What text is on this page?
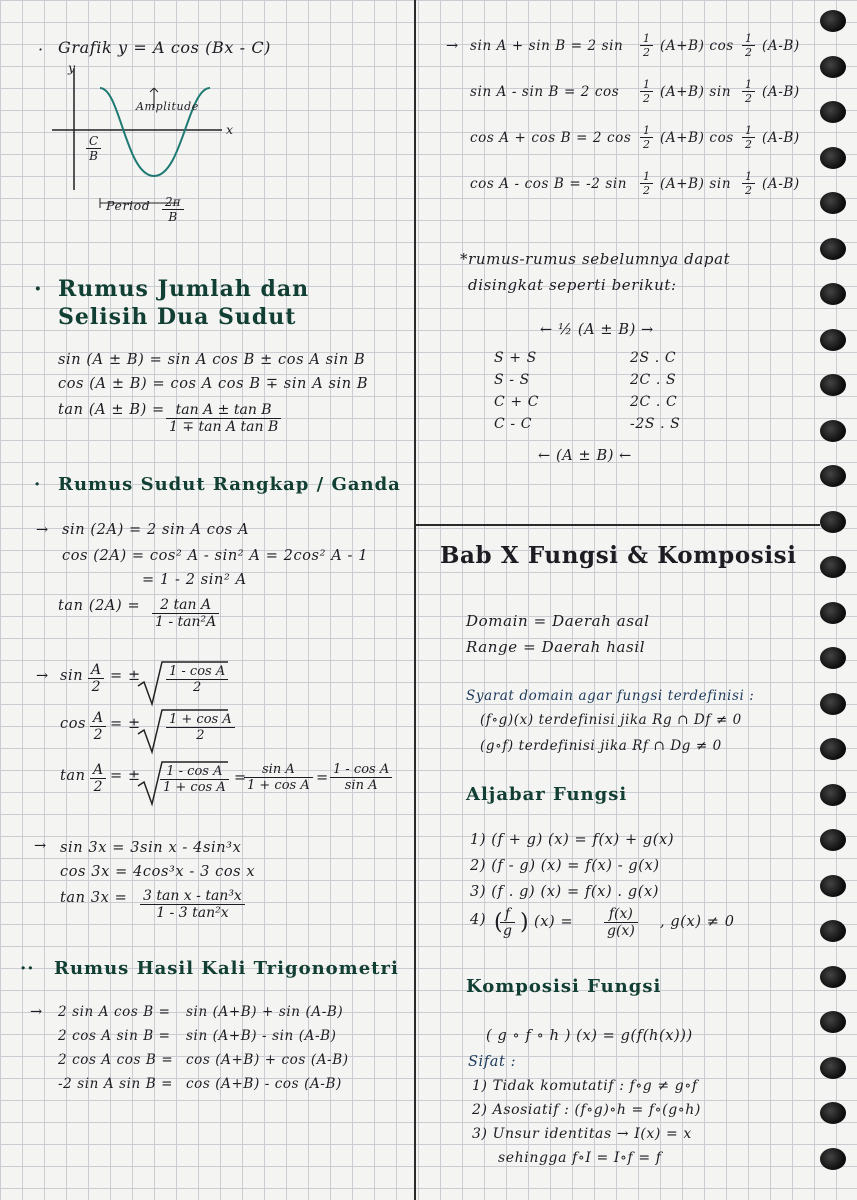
· Grafik y = A cos (Bx - C)
y
x
Amplitude
$\frac{C}{B}$
Period $\frac{2\pi}{B}$
· Rumus Jumlah dan
Selisih Dua Sudut
sin (A ± B) = sin A cos B ± cos A sin B
cos (A ± B) = cos A cos B ∓ sin A sin B
$\tan (A \pm B) = \frac{\text{tan A ± tan B}}{\text{1 ∓ tan A tan B}}$
· Rumus Sudut Rangkap / Ganda
→ sin (2A) = 2 sin A cos A
cos (2A) = cos² A - sin² A = 2cos² A - 1
= 1 - 2 sin² A
$\tan (2A) = \frac{\text{2 tan A}}{\text{1 - tan²A}}$
→ $\sin \frac{A}{2}$ = ± $\frac{\text{1 - cos A}}{2}$
$\cos \frac{A}{2}$ = ± $\frac{\text{1 + cos A}}{2}$
$\tan \frac{A}{2}$ = ± $\frac{\text{1 - cos A}}{\text{1 + cos A}}$ =
$\frac{\text{sin A}}{\text{1 + cos A}} = \frac{\text{1 - cos A}}{\text{sin A}}$
→ sin 3x = 3sin x - 4sin³x
cos 3x = 4cos³x - 3 cos x
$\tan 3x = \frac{\text{3 tan x - tan³x}}{\text{1 - 3 tan²x}}$
·· Rumus Hasil Kali Trigonometri
→ 2 sin A cos B = sin (A+B) + sin (A-B)
2 cos A sin B = sin (A+B) - sin (A-B)
2 cos A cos B = cos (A+B) + cos (A-B)
-2 sin A sin B = cos (A+B) - cos (A-B)
sin A + sin B = 2 $\sin \frac{1}{2} (A+B)$ $\cos \frac{1}{2} (A-B)$
sin A - sin B = 2 $\cos \frac{1}{2} (A+B)$ $\sin \frac{1}{2} (A-B)$
cos A + cos B = 2 $\cos \frac{1}{2} (A+B)$ $\cos \frac{1}{2} (A-B)$
cos A - cos B = -2 $\sin \frac{1}{2} (A+B)$ $\sin \frac{1}{2} (A-B)$
→
*rumus-rumus sebelumnya dapat
disingkat seperti berikut:
← ½ (A ± B) →
S + S	2S . C
S - S	2C . S
C + C	2C . C
C - C	-2S . S
← (A ± B) ←
Bab X Fungsi & Komposisi
Domain = Daerah asal
Range = Daerah hasil
Syarat domain agar fungsi terdefinisi :
(f∘g)(x) terdefinisi jika Rg ∩ Df ≠ 0
(g∘f) terdefinisi jika Rf ∩ Dg ≠ 0
Aljabar Fungsi
1) (f + g) (x) = f(x) + g(x)
2) (f - g) (x) = f(x) - g(x)
3) (f . g) (x) = f(x) . g(x)
4) (
$\frac{f}{g}$ ) $(x) = \frac{f(x)}{g(x)}$ , g(x) ≠ 0
Komposisi Fungsi
( g ∘ f ∘ h ) (x) = g(f(h(x)))
Sifat :
1) Tidak komutatif : f∘g ≠ g∘f
2) Asosiatif : (f∘g)∘h = f∘(g∘h)
3) Unsur identitas → I(x) = x
sehingga f∘I = I∘f = f
